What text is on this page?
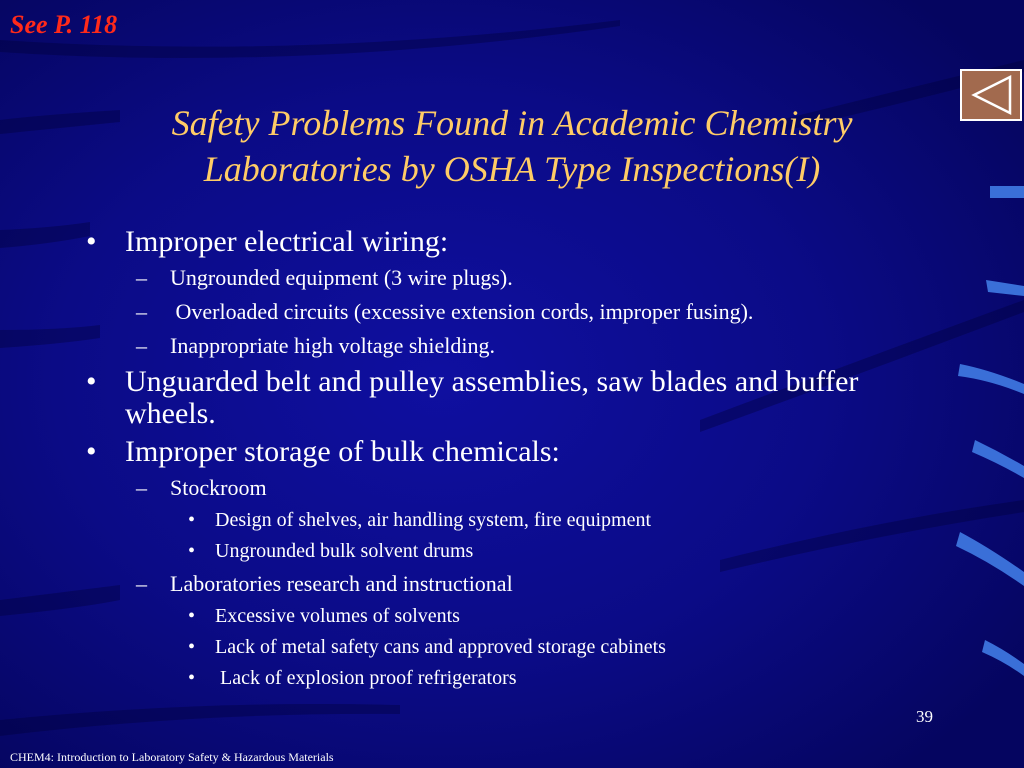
See P. 118
Safety Problems Found in Academic Chemistry
Laboratories by OSHA Type Inspections(I)
• Improper electrical wiring:
– Ungrounded equipment (3 wire plugs).
– Overloaded circuits (excessive extension cords, improper fusing).
– Inappropriate high voltage shielding.
• Unguarded belt and pulley assemblies, saw blades and buffer wheels.
• Improper storage of bulk chemicals:
– Stockroom
• Design of shelves, air handling system, fire equipment
• Ungrounded bulk solvent drums
– Laboratories research and instructional
• Excessive volumes of solvents
• Lack of metal safety cans and approved storage cabinets
• Lack of explosion proof refrigerators
39
CHEM4: Introduction to Laboratory Safety & Hazardous Materials
